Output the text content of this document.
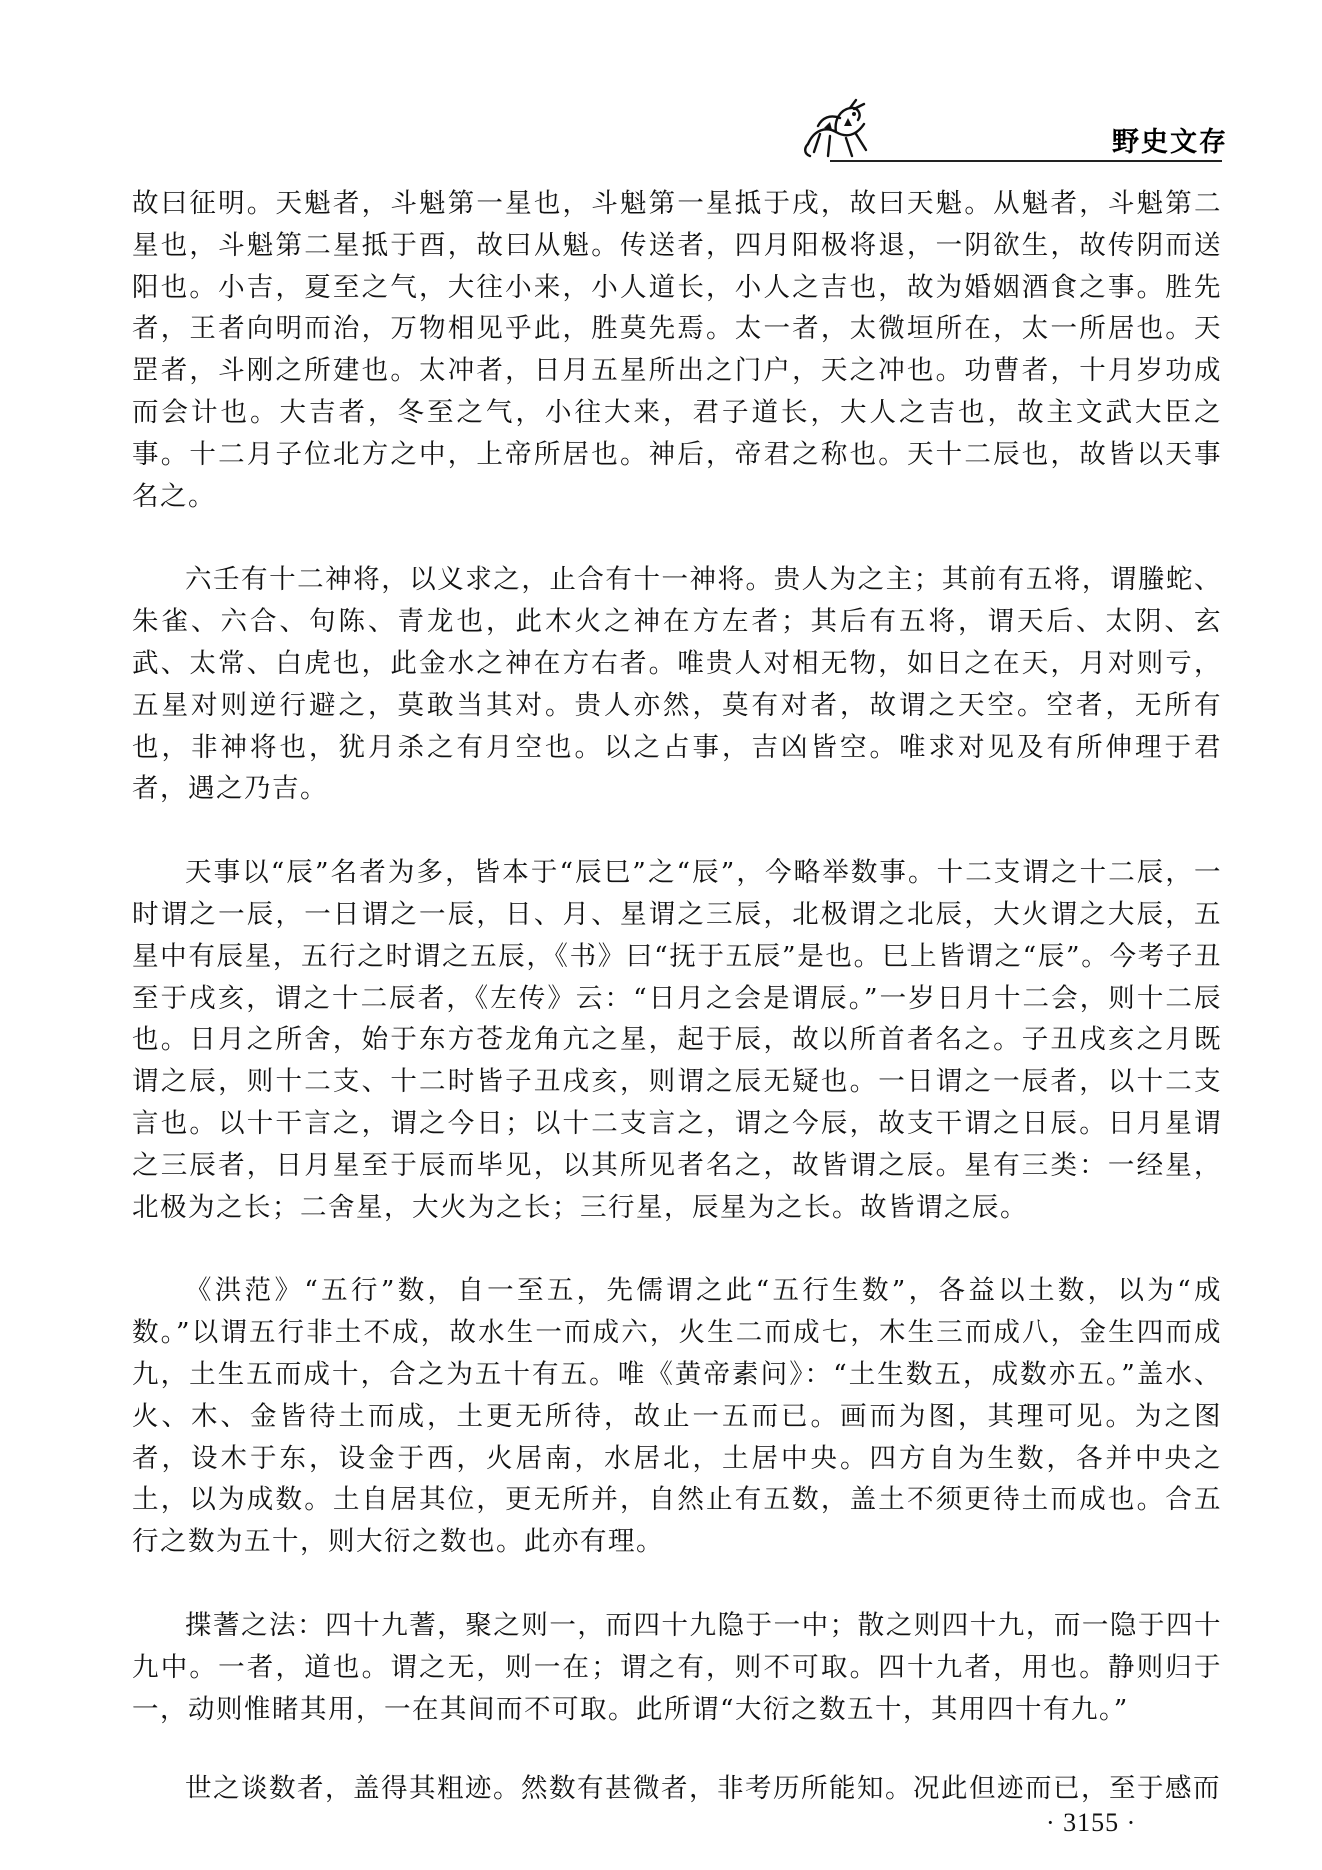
野史文存

故曰征明。天魁者，斗魁第一星也，斗魁第一星抵于戌，故曰天魁。从魁者，斗魁第二星也，斗魁第二星抵于酉，故曰从魁。传送者，四月阳极将退，一阴欲生，故传阴而送阳也。小吉，夏至之气，大往小来，小人道长，小人之吉也，故为婚姻酒食之事。胜先者，王者向明而治，万物相见乎此，胜莫先焉。太一者，太微垣所在，太一所居也。天罡者，斗刚之所建也。太冲者，日月五星所出之门户，天之冲也。功曹者，十月岁功成而会计也。大吉者，冬至之气，小往大来，君子道长，大人之吉也，故主文武大臣之事。十二月子位北方之中，上帝所居也。神后，帝君之称也。天十二辰也，故皆以天事名之。

六壬有十二神将，以义求之，止合有十一神将。贵人为之主；其前有五将，谓螣蛇、朱雀、六合、句陈、青龙也，此木火之神在方左者；其后有五将，谓天后、太阴、玄武、太常、白虎也，此金水之神在方右者。唯贵人对相无物，如日之在天，月对则亏，五星对则逆行避之，莫敢当其对。贵人亦然，莫有对者，故谓之天空。空者，无所有也，非神将也，犹月杀之有月空也。以之占事，吉凶皆空。唯求对见及有所伸理于君者，遇之乃吉。

天事以“辰”名者为多，皆本于“辰巳”之“辰”，今略举数事。十二支谓之十二辰，一时谓之一辰，一日谓之一辰，日、月、星谓之三辰，北极谓之北辰，大火谓之大辰，五星中有辰星，五行之时谓之五辰，《书》曰“抚于五辰”是也。巳上皆谓之“辰”。今考子丑至于戌亥，谓之十二辰者，《左传》云：“日月之会是谓辰。”一岁日月十二会，则十二辰也。日月之所舍，始于东方苍龙角亢之星，起于辰，故以所首者名之。子丑戌亥之月既谓之辰，则十二支、十二时皆子丑戌亥，则谓之辰无疑也。一日谓之一辰者，以十二支言也。以十干言之，谓之今日；以十二支言之，谓之今辰，故支干谓之日辰。日月星谓之三辰者，日月星至于辰而毕见，以其所见者名之，故皆谓之辰。星有三类：一经星，北极为之长；二舍星，大火为之长；三行星，辰星为之长。故皆谓之辰。

《洪范》“五行”数，自一至五，先儒谓之此“五行生数”，各益以土数，以为“成数。”以谓五行非土不成，故水生一而成六，火生二而成七，木生三而成八，金生四而成九，土生五而成十，合之为五十有五。唯《黄帝素问》：“土生数五，成数亦五。”盖水、火、木、金皆待土而成，土更无所待，故止一五而已。画而为图，其理可见。为之图者，设木于东，设金于西，火居南，水居北，土居中央。四方自为生数，各并中央之土，以为成数。土自居其位，更无所并，自然止有五数，盖土不须更待土而成也。合五行之数为五十，则大衍之数也。此亦有理。

揲蓍之法：四十九蓍，聚之则一，而四十九隐于一中；散之则四十九，而一隐于四十九中。一者，道也。谓之无，则一在；谓之有，则不可取。四十九者，用也。静则归于一，动则惟睹其用，一在其间而不可取。此所谓“大衍之数五十，其用四十有九。”

世之谈数者，盖得其粗迹。然数有甚微者，非考历所能知。况此但迹而已，至于感而

· 3155 ·
